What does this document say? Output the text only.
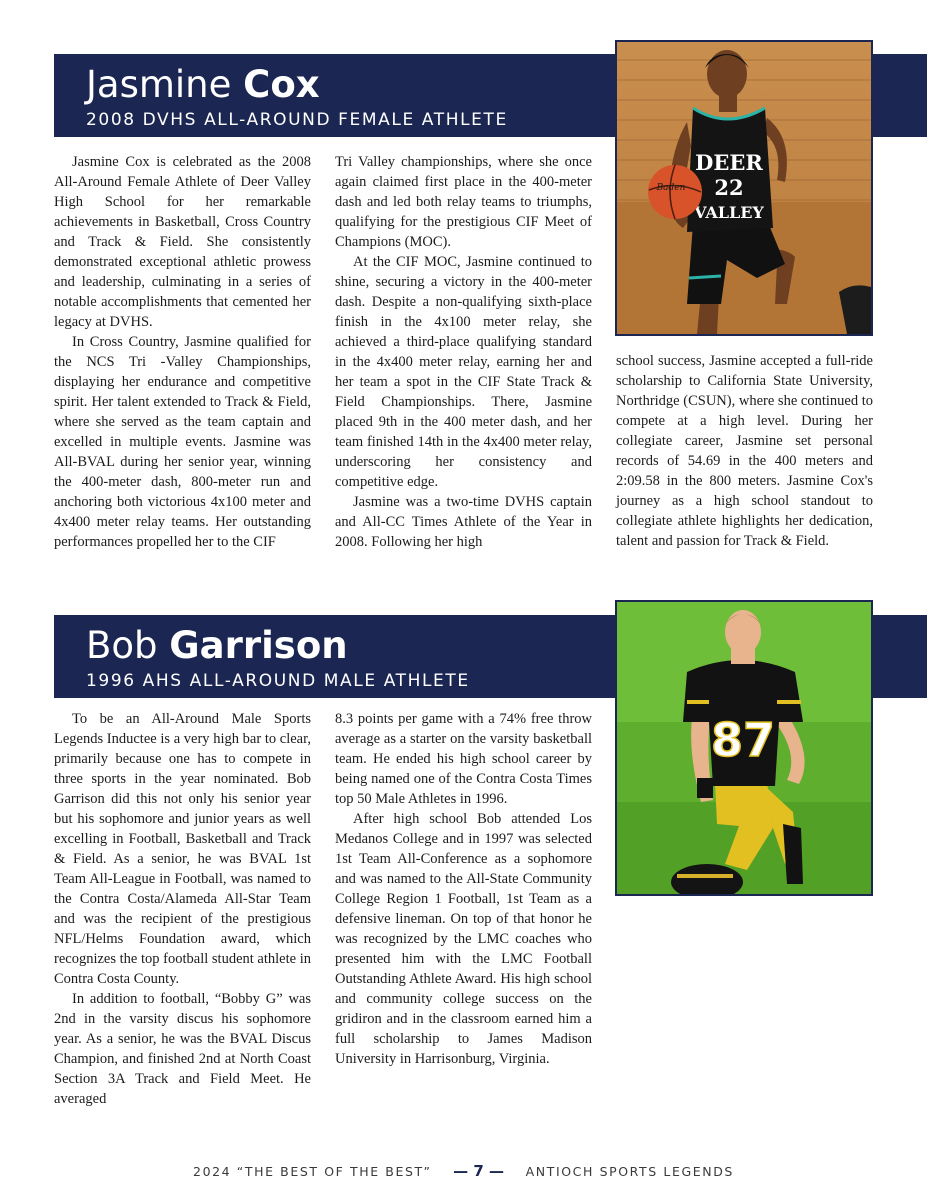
Jasmine Cox
2008 DVHS ALL-AROUND FEMALE ATHLETE
DEER
22
VALLEY
Baden

Jasmine Cox is celebrated as the 2008 All-Around Female Athlete of Deer Valley High School for her remarkable achievements in Basketball, Cross Country and Track & Field. She consistently demonstrated exceptional athletic prowess and leadership, culminating in a series of notable accomplishments that cemented her legacy at DVHS.

In Cross Country, Jasmine qualified for the NCS Tri -Valley Championships, displaying her endurance and competitive spirit. Her talent extended to Track & Field, where she served as the team captain and excelled in multiple events. Jasmine was All-BVAL during her senior year, winning the 400-meter dash, 800-meter run and anchoring both victorious 4x100 meter and 4x400 meter relay teams. Her outstanding performances propelled her to the CIF

Tri Valley championships, where she once again claimed first place in the 400-meter dash and led both relay teams to triumphs, qualifying for the prestigious CIF Meet of Champions (MOC).

At the CIF MOC, Jasmine continued to shine, securing a victory in the 400-meter dash. Despite a non-qualifying sixth-place finish in the 4x100 meter relay, she achieved a third-place qualifying standard in the 4x400 meter relay, earning her and her team a spot in the CIF State Track & Field Championships. There, Jasmine placed 9th in the 400 meter dash, and her team finished 14th in the 4x400 meter relay, underscoring her consistency and competitive edge.

Jasmine was a two-time DVHS captain and All-CC Times Athlete of the Year in 2008. Following her high

school success, Jasmine accepted a full-ride scholarship to California State University, Northridge (CSUN), where she continued to compete at a high level. During her collegiate career, Jasmine set personal records of 54.69 in the 400 meters and 2:09.58 in the 800 meters. Jasmine Cox's journey as a high school standout to collegiate athlete highlights her dedication, talent and passion for Track & Field.

Bob Garrison
1996 AHS ALL-AROUND MALE ATHLETE
87

To be an All-Around Male Sports Legends Inductee is a very high bar to clear, primarily because one has to compete in three sports in the year nominated. Bob Garrison did this not only his senior year but his sophomore and junior years as well excelling in Football, Basketball and Track & Field. As a senior, he was BVAL 1st Team All-League in Football, was named to the Contra Costa/Alameda All-Star Team and was the recipient of the prestigious NFL/Helms Foundation award, which recognizes the top football student athlete in Contra Costa County.

In addition to football, “Bobby G” was 2nd in the varsity discus his sophomore year. As a senior, he was the BVAL Discus Champion, and finished 2nd at North Coast Section 3A Track and Field Meet. He averaged

8.3 points per game with a 74% free throw average as a starter on the varsity basketball team. He ended his high school career by being named one of the Contra Costa Times top 50 Male Athletes in 1996.

After high school Bob attended Los Medanos College and in 1997 was selected 1st Team All-Conference as a sophomore and was named to the All-State Community College Region 1 Football, 1st Team as a defensive lineman. On top of that honor he was recognized by the LMC coaches who presented him with the LMC Football Outstanding Athlete Award. His high school and community college success on the gridiron and in the classroom earned him a full scholarship to James Madison University in Harrisonburg, Virginia.

2024 “THE BEST OF THE BEST” — 7 — ANTIOCH SPORTS LEGENDS
